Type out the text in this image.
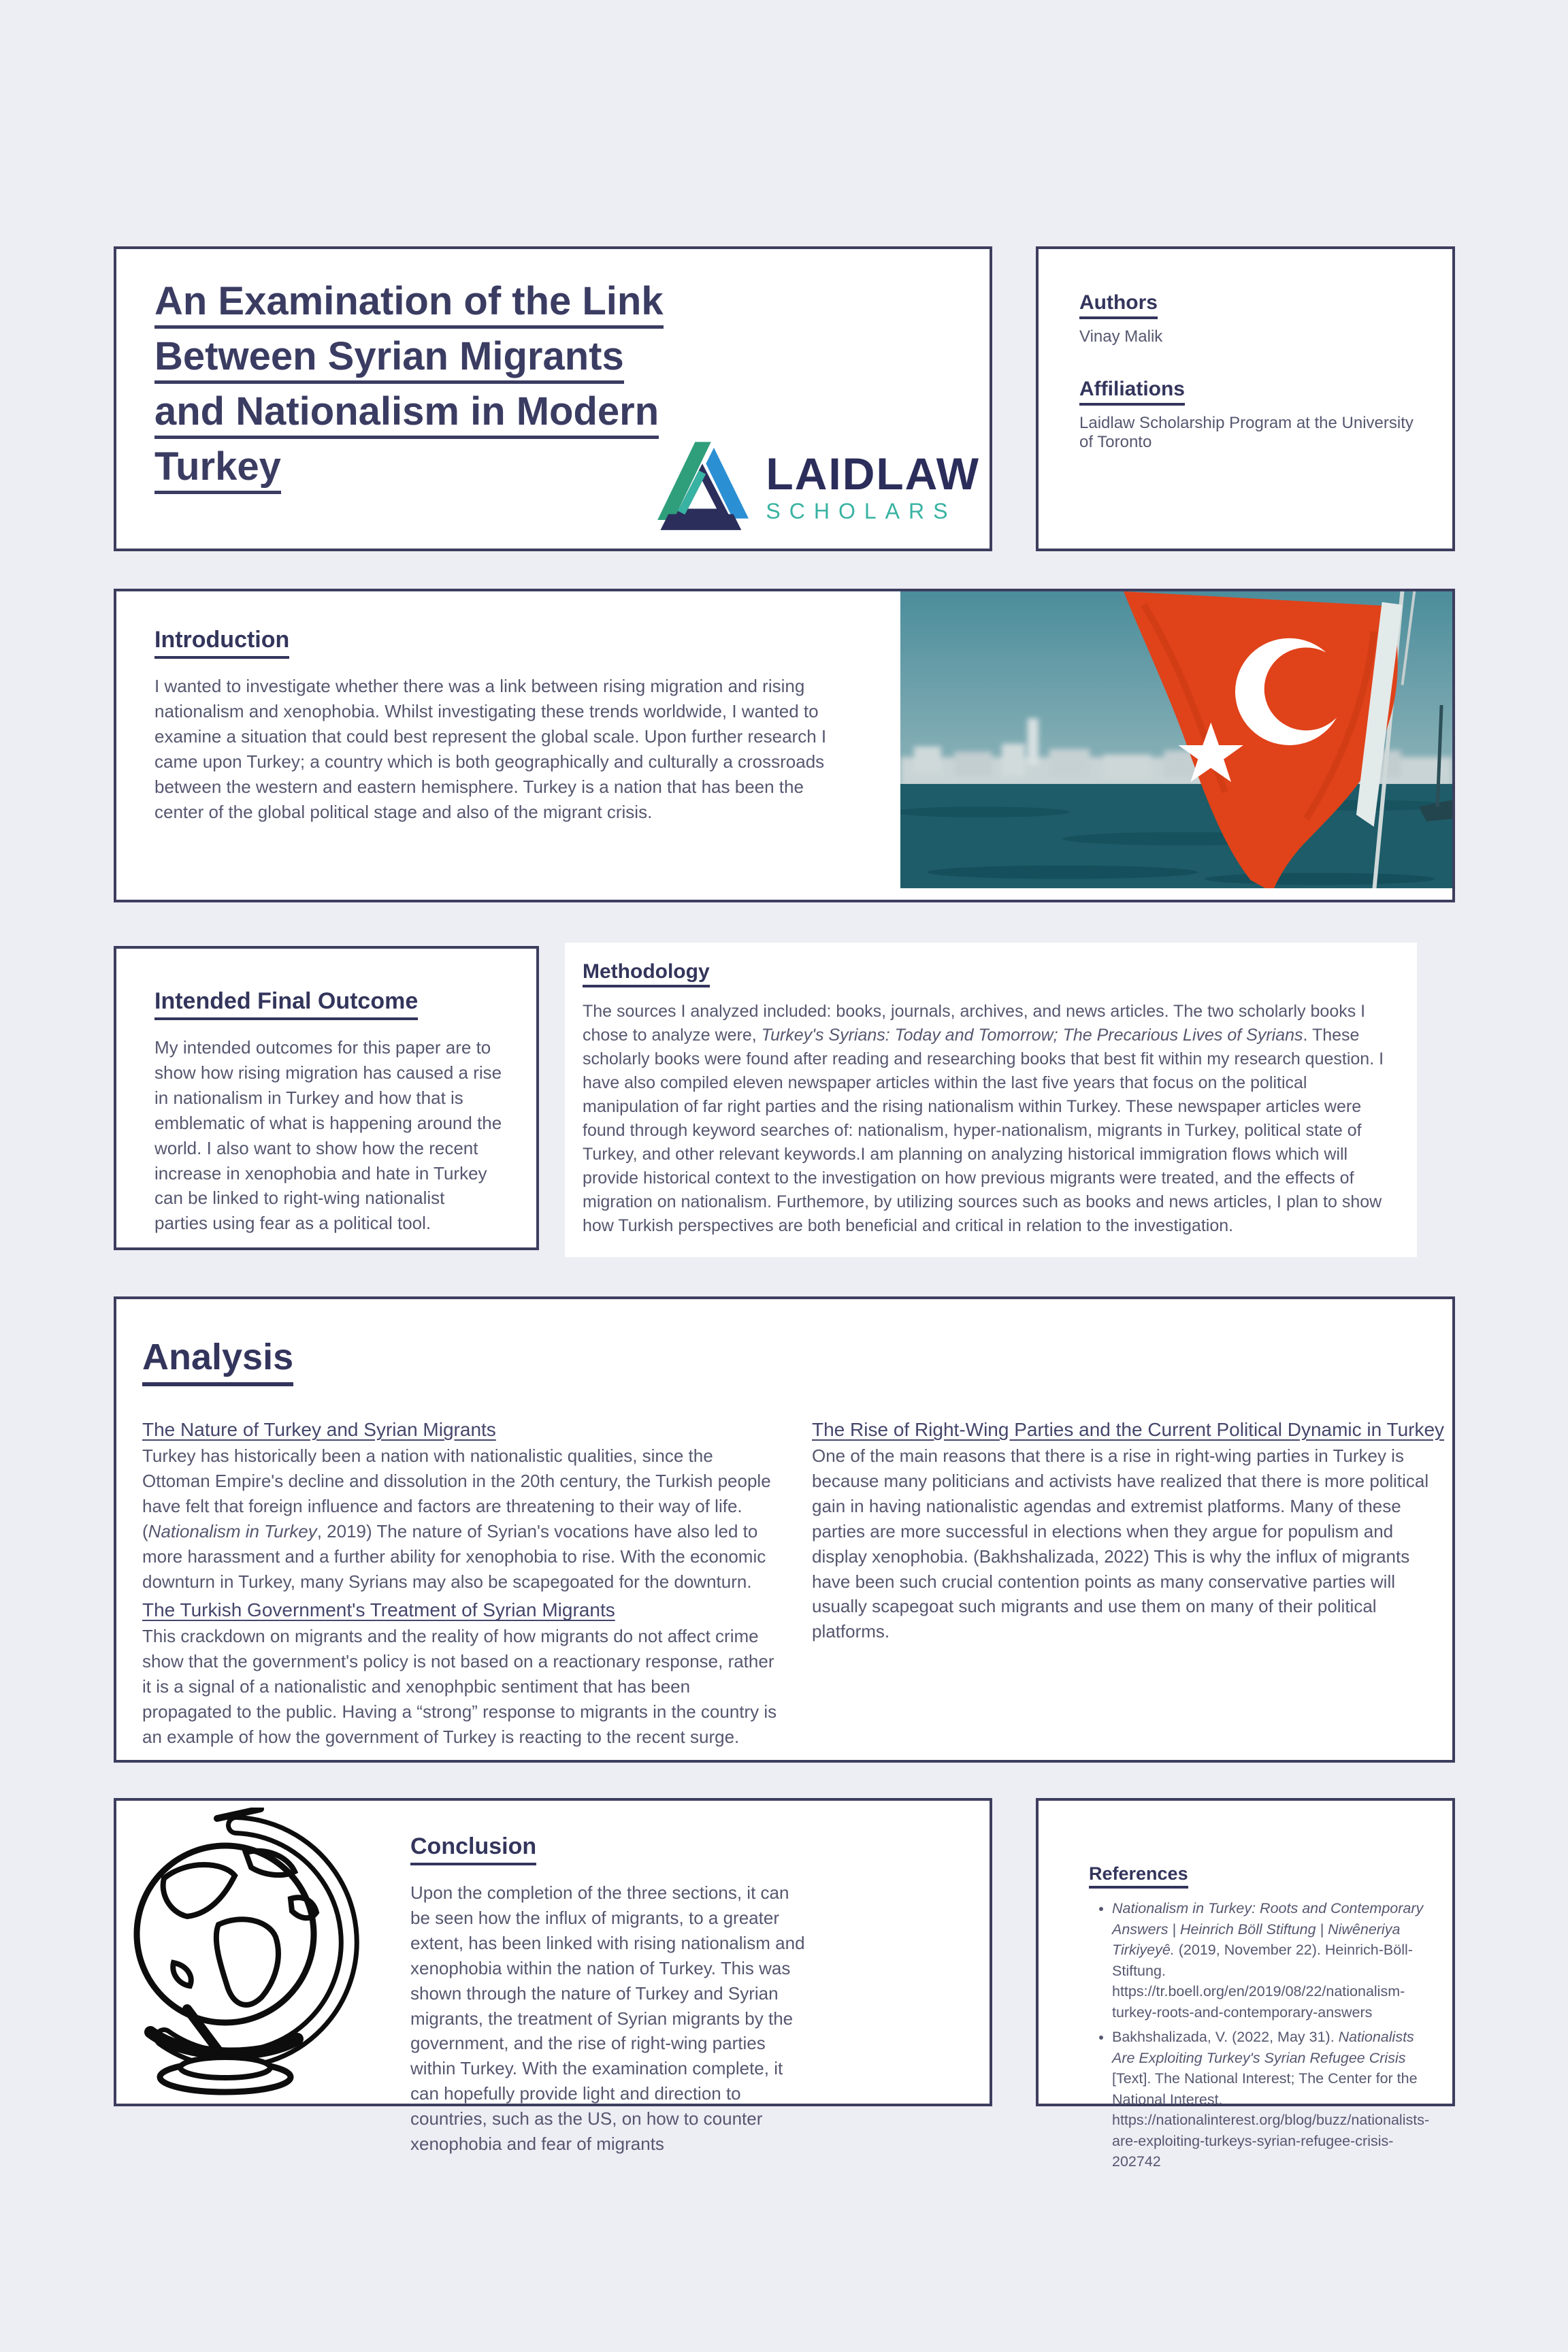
An Examination of the Link
Between Syrian Migrants
and Nationalism in Modern
Turkey	LAIDLAW
SCHOLARS
Authors
Vinay Malik
Affiliations
Laidlaw Scholarship Program at the University of Toronto
Introduction
I wanted to investigate whether there was a link between rising migration and rising nationalism and xenophobia. Whilst investigating these trends worldwide, I wanted to examine a situation that could best represent the global scale. Upon further research I came upon Turkey; a country which is both geographically and culturally a crossroads between the western and eastern hemisphere. Turkey is a nation that has been the center of the global political stage and also of the migrant crisis.
Intended Final Outcome
My intended outcomes for this paper are to show how rising migration has caused a rise in nationalism in Turkey and how that is emblematic of what is happening around the world. I also want to show how the recent increase in xenophobia and hate in Turkey can be linked to right-wing nationalist parties using fear as a political tool.
Methodology
The sources I analyzed included: books, journals, archives, and news articles. The two scholarly books I chose to analyze were, Turkey's Syrians: Today and Tomorrow; The Precarious Lives of Syrians. These scholarly books were found after reading and researching books that best fit within my research question. I have also compiled eleven newspaper articles within the last five years that focus on the political manipulation of far right parties and the rising nationalism within Turkey. These newspaper articles were found through keyword searches of: nationalism, hyper-nationalism, migrants in Turkey, political state of Turkey, and other relevant keywords.I am planning on analyzing historical immigration flows which will provide historical context to the investigation on how previous migrants were treated, and the effects of migration on nationalism. Furthemore, by utilizing sources such as books and news articles, I plan to show how Turkish perspectives are both beneficial and critical in relation to the investigation.
Analysis
The Nature of Turkey and Syrian Migrants
Turkey has historically been a nation with nationalistic qualities, since the Ottoman Empire's decline and dissolution in the 20th century, the Turkish people have felt that foreign influence and factors are threatening to their way of life. (Nationalism in Turkey, 2019) The nature of Syrian's vocations have also led to more harassment and a further ability for xenophobia to rise. With the economic downturn in Turkey, many Syrians may also be scapegoated for the downturn.
The Turkish Government's Treatment of Syrian Migrants
This crackdown on migrants and the reality of how migrants do not affect crime show that the government's policy is not based on a reactionary response, rather it is a signal of a nationalistic and xenophpbic sentiment that has been propagated to the public. Having a “strong” response to migrants in the country is an example of how the government of Turkey is reacting to the recent surge.
The Rise of Right-Wing Parties and the Current Political Dynamic in Turkey
One of the main reasons that there is a rise in right-wing parties in Turkey is because many politicians and activists have realized that there is more political gain in having nationalistic agendas and extremist platforms. Many of these parties are more successful in elections when they argue for populism and display xenophobia. (Bakhshalizada, 2022) This is why the influx of migrants have been such crucial contention points as many conservative parties will usually scapegoat such migrants and use them on many of their political platforms.
Conclusion
Upon the completion of the three sections, it can be seen how the influx of migrants, to a greater extent, has been linked with rising nationalism and xenophobia within the nation of Turkey. This was shown through the nature of Turkey and Syrian migrants, the treatment of Syrian migrants by the government, and the rise of right-wing parties within Turkey. With the examination complete, it can hopefully provide light and direction to countries, such as the US, on how to counter xenophobia and fear of migrants
References
• Nationalism in Turkey: Roots and Contemporary Answers | Heinrich Böll Stiftung | Niwêneriya Tirkiyeyê. (2019, November 22). Heinrich-Böll-Stiftung. https://tr.boell.org/en/2019/08/22/nationalism-turkey-roots-and-contemporary-answers
• Bakhshalizada, V. (2022, May 31). Nationalists Are Exploiting Turkey's Syrian Refugee Crisis [Text]. The National Interest; The Center for the National Interest. https://nationalinterest.org/blog/buzz/nationalists-are-exploiting-turkeys-syrian-refugee-crisis-202742
